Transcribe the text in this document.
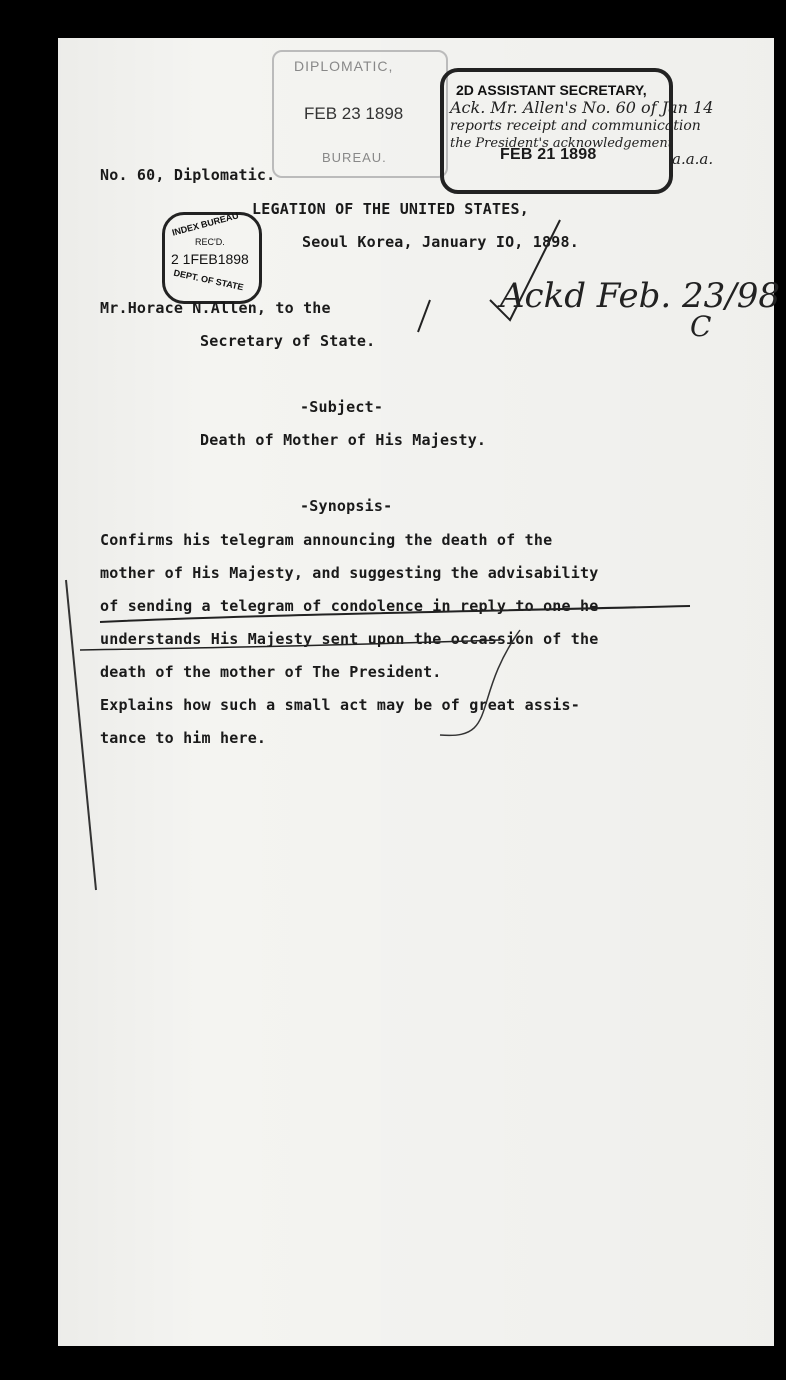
DIPLOMATIC,
FEB 23 1898
BUREAU.
2D ASSISTANT SECRETARY,
Ack. Mr. Allen's No. 60 of Jan 14
reports receipt and communication
the President's acknowledgement
FEB 21 1898	a.a.a.
INDEX BUREAU
REC'D.
2 1FEB1898
DEPT. OF STATE
No. 60, Diplomatic.
LEGATION OF THE UNITED STATES,
Seoul Korea, January IO, 1898.
Mr.Horace N.Allen, to the
Secretary of State.
Ackd Feb. 23/98
C
-Subject-
Death of Mother of His Majesty.
-Synopsis-
Confirms his telegram announcing the death of the
mother of His Majesty, and suggesting the advisability
of sending a telegram of condolence in reply to one he
understands His Majesty sent upon the occassion of the
death of the mother of The President.
Explains how such a small act may be of great assis-
tance to him here.
